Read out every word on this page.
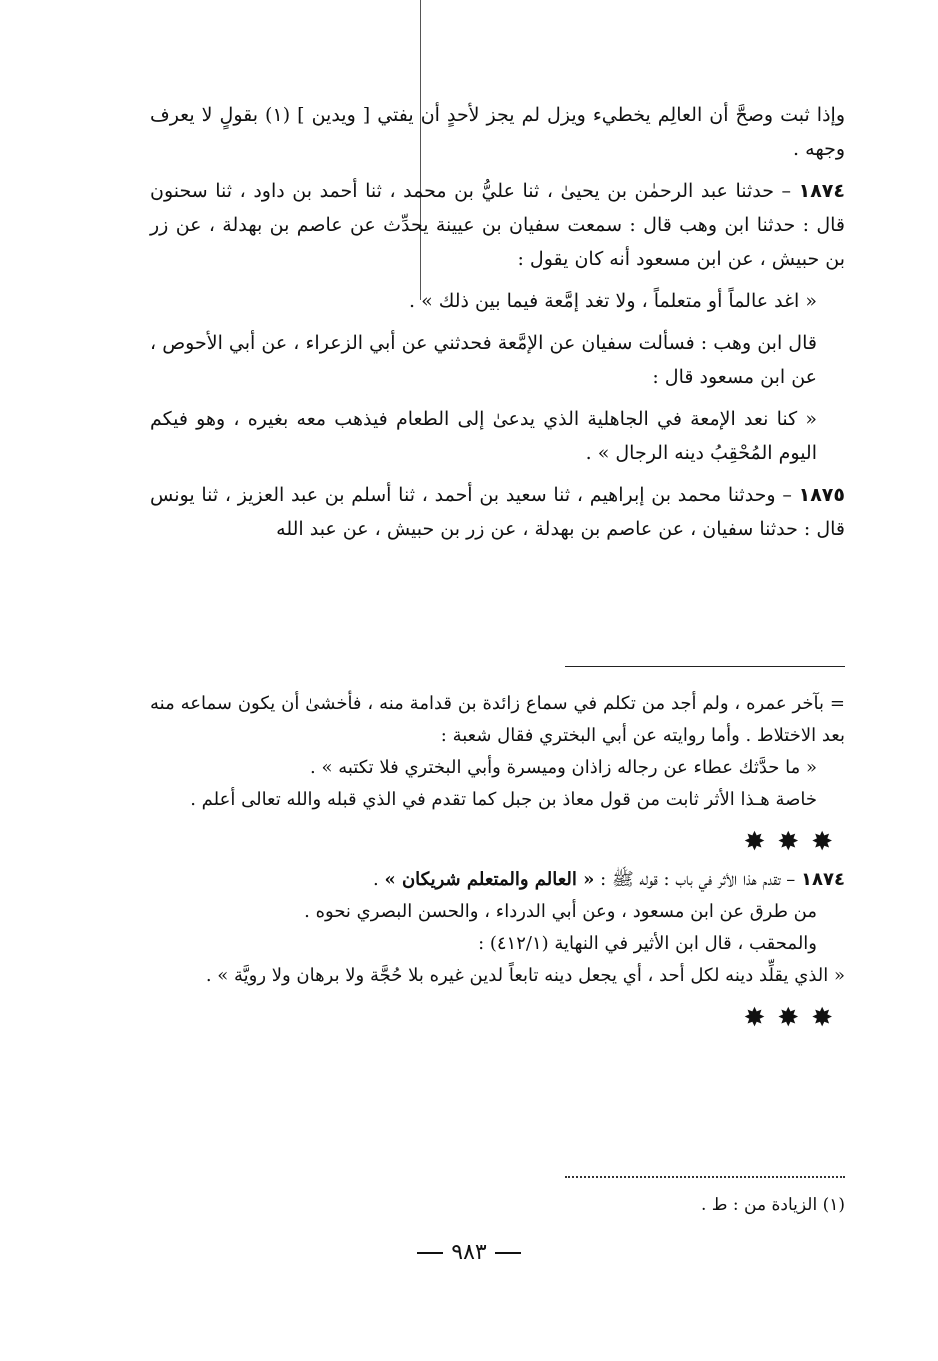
وإذا ثبت وصحَّ أن العالِم يخطيء ويزل لم يجز لأحدٍ أن يفتي [ ويدين ] (١) بقولٍ لا يعرف وجهه .

١٨٧٤ – حدثنا عبد الرحمٰن بن يحيىٰ ، ثنا عليُّ بن محمد ، ثنا أحمد بن داود ، ثنا سحنون قال : حدثنا ابن وهب قال : سمعت سفيان بن عيينة يحدِّث عن عاصم بن بهدلة ، عن زر بن حبيش ، عن ابن مسعود أنه كان يقول :

« اغد عالماً أو متعلماً ، ولا تغد إمَّعة فيما بين ذلك » .

قال ابن وهب : فسألت سفيان عن الإمَّعة فحدثني عن أبي الزعراء ، عن أبي الأحوص ، عن ابن مسعود قال :

« كنا نعد الإمعة في الجاهلية الذي يدعىٰ إلى الطعام فيذهب معه بغيره ، وهو فيكم اليوم المُحْقِبُ دينه الرجال » .

١٨٧٥ – وحدثنا محمد بن إبراهيم ، ثنا سعيد بن أحمد ، ثنا أسلم بن عبد العزيز ، ثنا يونس قال : حدثنا سفيان ، عن عاصم بن بهدلة ، عن زر بن حبيش ، عن عبد الله

= بآخر عمره ، ولم أجد من تكلم في سماع زائدة بن قدامة منه ، فأخشىٰ أن يكون سماعه منه بعد الاختلاط . وأما روايته عن أبي البختري فقال شعبة :
« ما حدَّثك عطاء عن رجاله زاذان وميسرة وأبي البختري فلا تكتبه » .
خاصة هـذا الأثر ثابت من قول معاذ بن جبل كما تقدم في الذي قبله والله تعالى أعلم .
✸✸✸
١٨٧٤ – تقدم هذا الأثر في باب : قوله ﷺ : « العالم والمتعلم شريكان » .
من طرق عن ابن مسعود ، وعن أبي الدرداء ، والحسن البصري نحوه .
والمحقب ، قال ابن الأثير في النهاية (٤١٢/١) :
« الذي يقلِّد دينه لكل أحد ، أي يجعل دينه تابعاً لدين غيره بلا حُجَّة ولا برهان ولا رويَّة » .
✸✸✸
(١) الزيادة من : ط .
٩٨٣
